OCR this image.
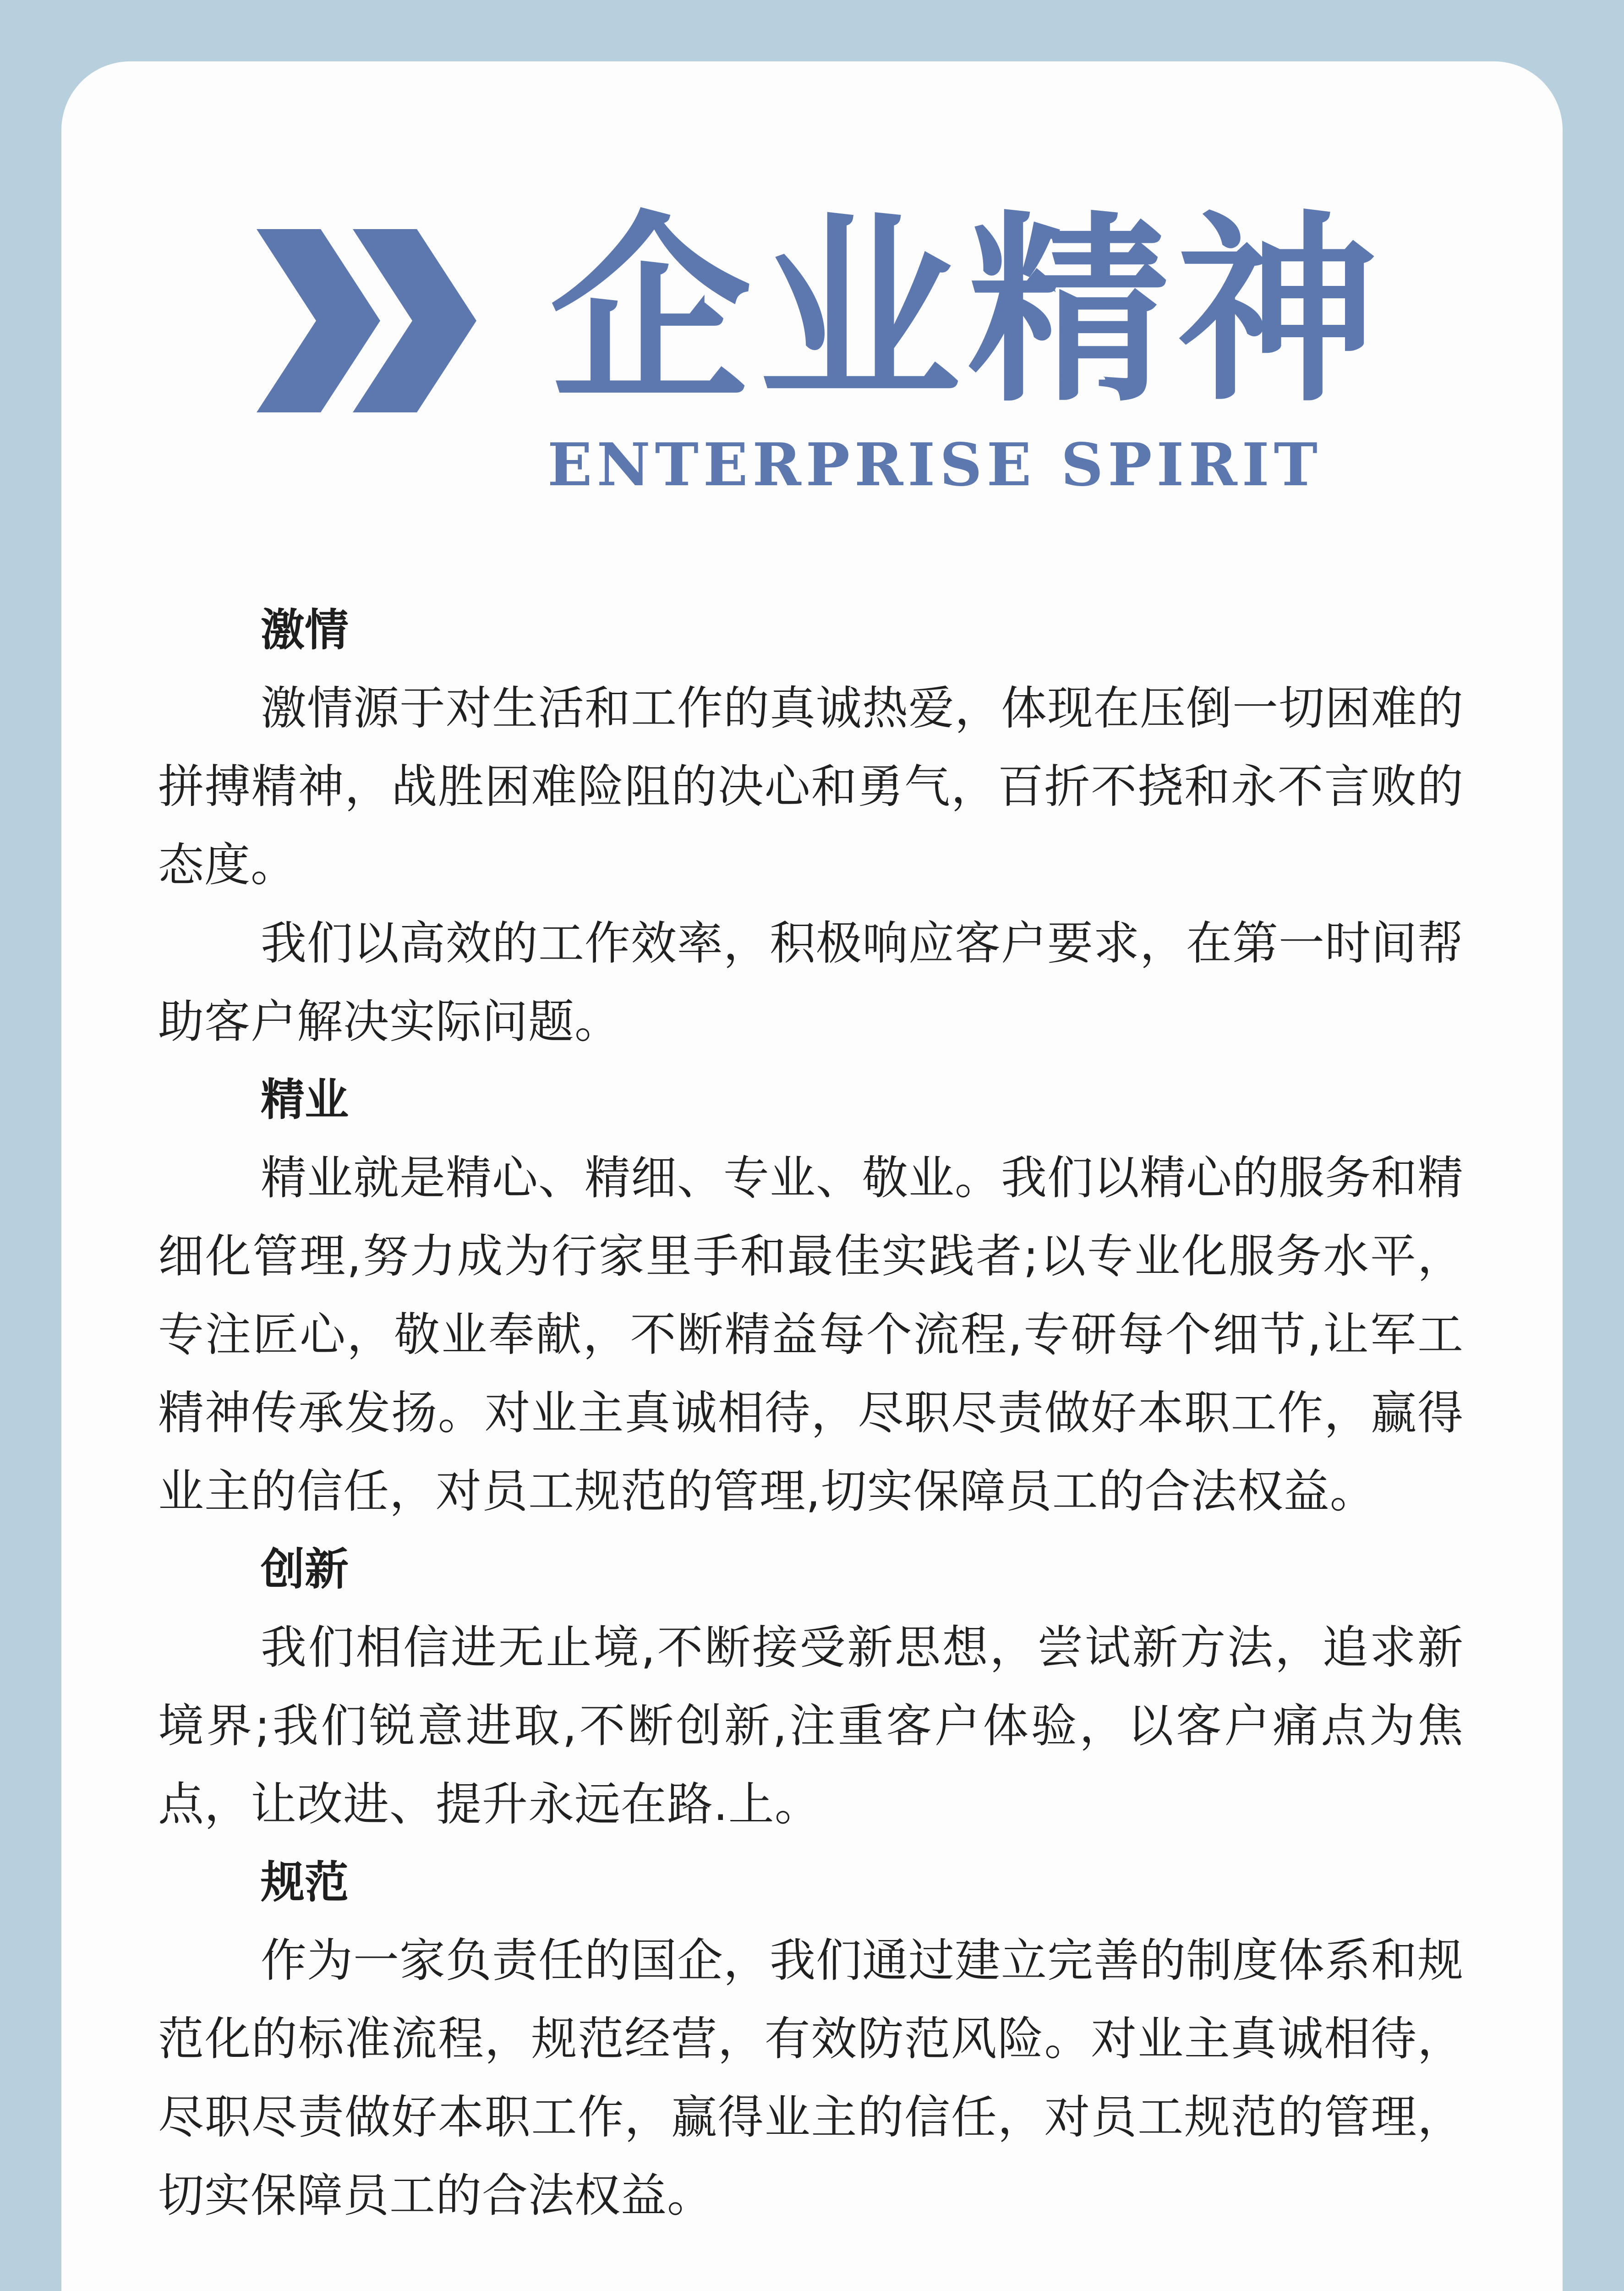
企业精神
ENTERPRISE SPIRIT
激情

激情源于对生活和工作的真诚热爱，体现在压倒一切困难的拼搏精神，战胜困难险阻的决心和勇气，百折不挠和永不言败的态度。

我们以高效的工作效率，积极响应客户要求，在第一时间帮助客户解决实际问题。

精业

精业就是精心、精细、专业、敬业。我们以精心的服务和精细化管理,努力成为行家里手和最佳实践者;以专业化服务水平，专注匠心，敬业奉献，不断精益每个流程,专研每个细节,让军工精神传承发扬。对业主真诚相待，尽职尽责做好本职工作，赢得业主的信任，对员工规范的管理,切实保障员工的合法权益。

创新

我们相信进无止境,不断接受新思想，尝试新方法，追求新境界;我们锐意进取,不断创新,注重客户体验，以客户痛点为焦点，让改进、提升永远在路.上。

规范

作为一家负责任的国企，我们通过建立完善的制度体系和规范化的标准流程，规范经营，有效防范风险。对业主真诚相待，尽职尽责做好本职工作，赢得业主的信任，对员工规范的管理，切实保障员工的合法权益。
